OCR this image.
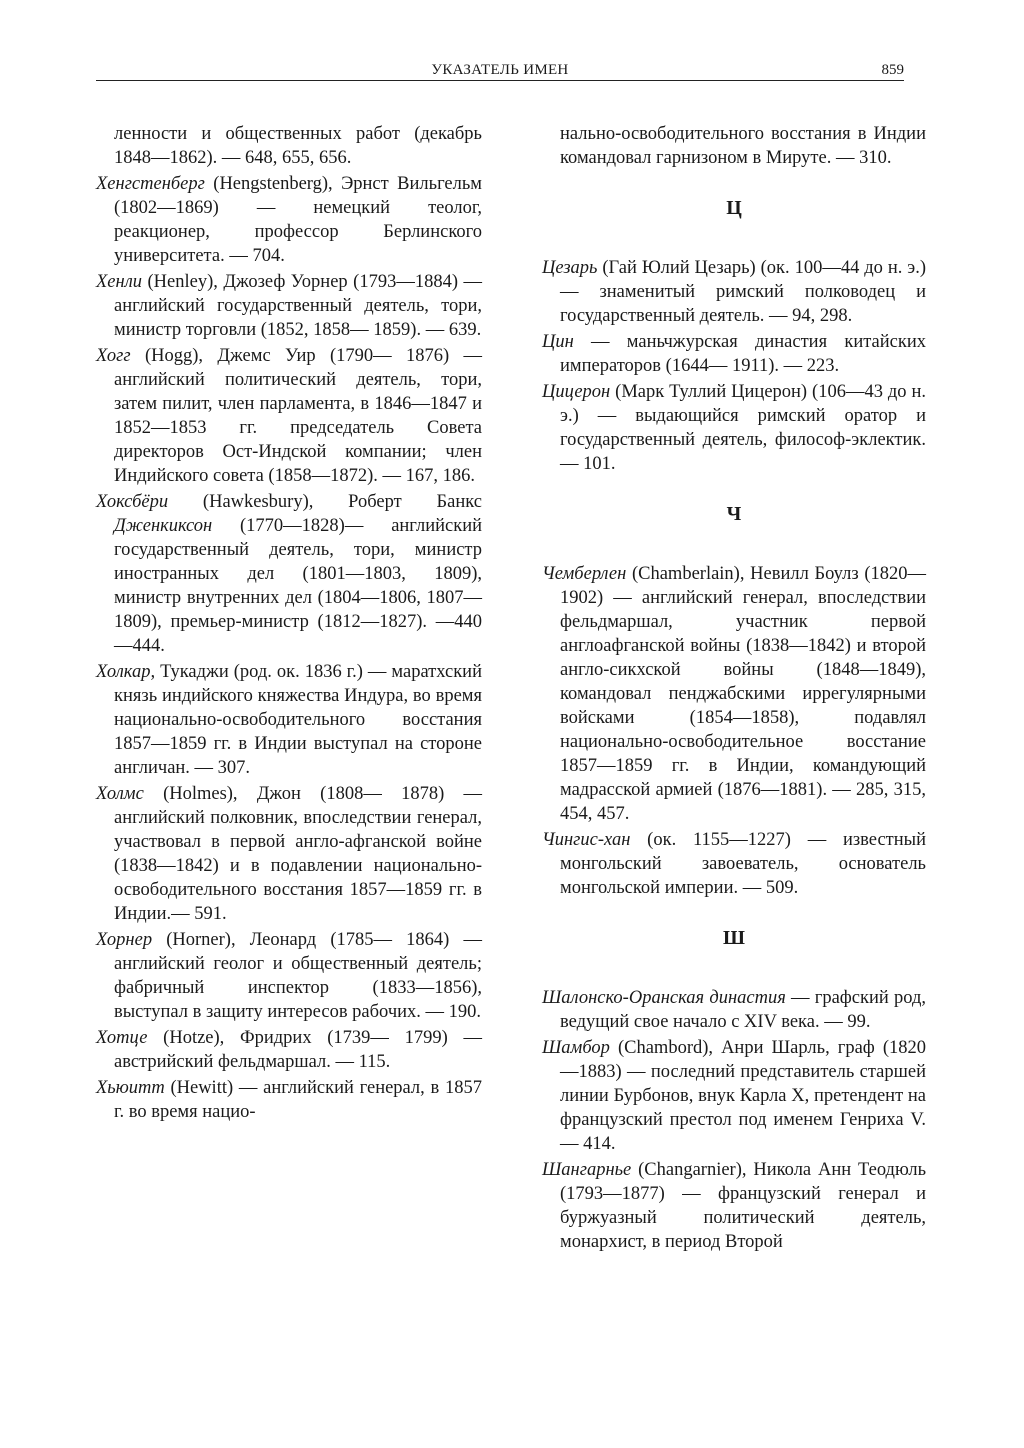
УКАЗАТЕЛЬ ИМЕН	859

ленности и общественных работ (декабрь 1848—1862). — 648, 655, 656.

Хенгстенберг (Hengstenberg), Эрнст Вильгельм (1802—1869) — немецкий теолог, реакционер, профессор Берлинского университета. — 704.

Хенли (Henley), Джозеф Уорнер (1793—1884) — английский государственный деятель, тори, министр торговли (1852, 1858— 1859). — 639.

Хогг (Hogg), Джемс Уир (1790— 1876) — английский политический деятель, тори, затем пилит, член парламента, в 1846—1847 и 1852—1853 гг. председатель Совета директоров Ост-Индской компании; член Индийского совета (1858—1872). — 167, 186.

Хоксбёри (Hawkesbury), Роберт Банкс Дженкиксон (1770—1828)— английский государственный деятель, тори, министр иностранных дел (1801—1803, 1809), министр внутренних дел (1804—1806, 1807—1809), премьер-министр (1812—1827). —440—444.

Холкар, Тукаджи (род. ок. 1836 г.) — маратхский князь индийского княжества Индура, во время национально-освободительного восстания 1857—1859 гг. в Индии выступал на стороне англичан. — 307.

Холмс (Holmes), Джон (1808— 1878) — английский полковник, впоследствии генерал, участвовал в первой англо-афганской войне (1838—1842) и в подавлении национально-освободительного восстания 1857—1859 гг. в Индии.— 591.

Хорнер (Horner), Леонард (1785— 1864) — английский геолог и общественный деятель; фабричный инспектор (1833—1856), выступал в защиту интересов рабочих. — 190.

Хотце (Hotze), Фридрих (1739— 1799) — австрийский фельдмаршал. — 115.

Хьюитт (Hewitt) — английский генерал, в 1857 г. во время нацио-

нально-освободительного восстания в Индии командовал гарнизоном в Мируте. — 310.

Ц

Цезарь (Гай Юлий Цезарь) (ок. 100—44 до н. э.) — знаменитый римский полководец и государственный деятель. — 94, 298.

Цин — маньчжурская династия китайских императоров (1644— 1911). — 223.

Цицерон (Марк Туллий Цицерон) (106—43 до н. э.) — выдающийся римский оратор и государственный деятель, философ-эклектик. — 101.

Ч

Чемберлен (Chamberlain), Невилл Боулз (1820—1902) — английский генерал, впоследствии фельдмаршал, участник первой англоафганской войны (1838—1842) и второй англо-сикхской войны (1848—1849), командовал пенджабскими иррегулярными войсками (1854—1858), подавлял национально-освободительное восстание 1857—1859 гг. в Индии, командующий мадрасской армией (1876—1881). — 285, 315, 454, 457.

Чингис-хан (ок. 1155—1227) — известный монгольский завоеватель, основатель монгольской империи. — 509.

Ш

Шалонско-Оранская династия — графский род, ведущий свое начало с XIV века. — 99.

Шамбор (Chambord), Анри Шарль, граф (1820—1883) — последний представитель старшей линии Бурбонов, внук Карла X, претендент на французский престол под именем Генриха V. — 414.

Шангарнье (Changarnier), Никола Анн Теодюль (1793—1877) — французский генерал и буржуазный политический деятель, монархист, в период Второй
